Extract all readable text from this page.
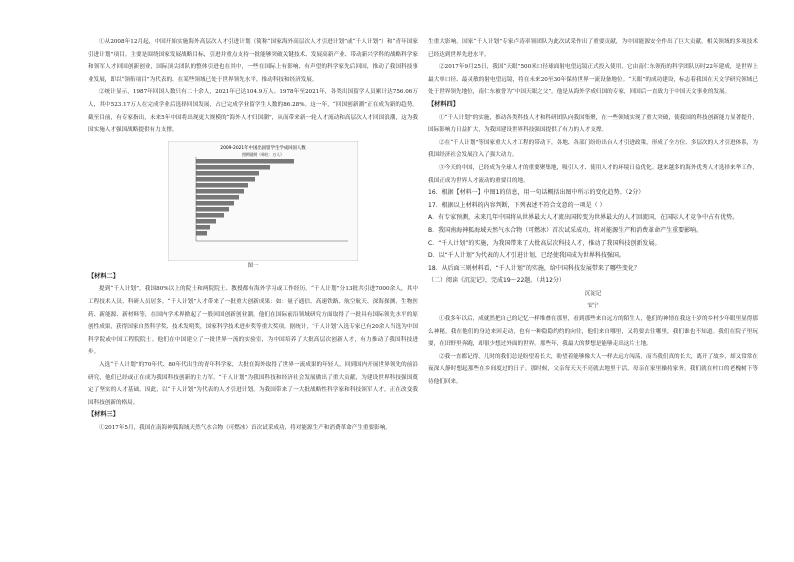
①从2008年12月起，中国开始实施海外高层次人才引进计划（简称“国家海外高层次人才引进计划”或“千人计划”）和“青年国家引进计划”项目。主要是围绕国家发展战略目标，引进并重点支持一批能够突破关键技术、发展高新产业、带动新兴学科的战略科学家和领军人才回国创新创业，国际顶尖团队的整体引进也在其中，一些在国际上有影响、有声望的科学家先后回国，推动了我国科技事业发展，即以“领衔项目”为代表的，在某些领域已处于世界领先水平，推动科技和经济发展。

②统计显示，1987年回国人数只有二十余人，2021年已达104.9万人。1978年至2021年，各类出国留学人员累计达756.06万人，其中523.17万人在完成学业后选择回国发展，占已完成学业留学生人数的86.28%。这一年，“回国创新潮”正在成为新的趋势。截至目前，有专家指出，未来5年中国将出现更大规模的“海外人才归国潮”，从而带来新一轮人才流动和高层次人才回国浪潮，这为我国实施人才强国战略提供有力支撑。

2009-2021年中国出国留学生学成回国人数
图例说明（单位：万人）

图一

【材料二】

提到“千人计划”，我国80%以上的院士和两院院士、教授都有海外学习或工作经历。“千人计划”分13批共引进7000余人，其中工程技术人员、科研人员居多。“千人计划”人才带来了一批重大创新成果：如：量子通信、高速铁路、航空航天、深海探测、生物医药、新能源、新材料等，在国内学术界掀起了一股回国创新创业潮。他们在国际前沿领域研究方面取得了一批具有国际领先水平的原创性成果，获得国家自然科学奖、技术发明奖，国家科学技术进步奖等重大奖项。据统计，‘千人计划’入选专家已有20余人当选为中国科学院或中国工程院院士。他们在中国建立了一批世界一流的实验室，为中国培养了大批高层次创新人才，有力推动了我国科技进步。

入选“千人计划”的70年代、80年代出生的青年科学家，大批在海外取得了世界一流成果的年轻人，回到国内开展世界领先的前沿研究，他们已经或正在成为我国科技创新的主力军。“千人计划”为我国科技和经济社会发展做出了重大贡献，为建设世界科技强国奠定了坚实的人才基础。因此，以“千人计划”为代表的人才引进计划，为我国带来了一大批战略性科学家和科技领军人才，正在改变我国科技创新的格局。

【材料三】

①2017年5月，我国在南海神狐海域天然气水合物（可燃冰）首次试采成功，将对能源生产和消费革命产生重要影响。

生重大影响。国家“千人计划”专家卢涛率领团队为此次试采作出了重要贡献，为中国能源安全作出了巨大贡献。相关领域的多项技术已经达到世界先进水平。

②2017年9月25日，我国“天眼”500米口径球面射电望远镜正式投入使用，它由南仁东领衔的科学团队历时22年建成，是世界上最大单口径、最灵敏的射电望远镜，将在未来20至30年保持世界一流设备地位。“天眼”的成功建设，标志着我国在天文学研究领域已处于世界领先地位，南仁东被誉为“中国天眼之父”。他是从海外学成归国的专家，回国后一直致力于中国天文事业的发展。

【材料四】

①“千人计划”的实施，推动各类科技人才和科研团队向我国集聚，在一些领域实现了重大突破，使我国的科技创新能力显著提升，国际影响力日益扩大，为我国建设世界科技强国提供了有力的人才支撑。

②在“千人计划”等国家重大人才工程的带动下，各地、各部门纷纷出台人才引进政策，形成了全方位、多层次的人才引进体系，为我国经济社会发展注入了强大动力。

③今天的中国，已经成为全球人才的重要聚集地，吸引人才、使用人才的环境日益优化。越来越多的海外优秀人才选择来华工作，我国正成为世界人才流动的重要目的地。

16．根据【材料一】中图1的信息，用一句话概括出图中所示的变化趋势。（2分）

17．根据以上材料的内容判断，下列表述不符合文意的一项是（ ）

A．有专家预测，未来几年中国将从世界最大人才流出国转变为世界最大的人才回流国，在国际人才竞争中占有优势。

B．我国南海神狐海域天然气水合物（可燃冰）首次试采成功，将对能源生产和消费革命产生重要影响。

C．“千人计划”的实施，为我国带来了大批高层次科技人才，推动了我国科技创新发展。

D．以“千人计划”为代表的人才引进计划，已经使我国成为世界科技强国。

18．从后面三则材料看，“千人计划”的实施，给中国科技发展带来了哪些变化？

（二）阅读《沉淀记》，完成19～22题。（共12分）

沉淀记

安宁

①我多年以后，成就然把自己的记忆一样堆叠在那里，看到那些来自远方的陌生人，他们的神情在我这十岁的乡村少年眼里显得那么神秘，我在他们的身边来回走动，也有一种隐隐约约的向往，他们来自哪里，又将要去往哪里，我们谁也不知道。我们在院子里玩耍，在田野里奔跑，却很少想过外面的世界。那些年，我最大的梦想是能够走出这片土地。

②我一直都记得，儿时的我们总是盼望着长大，盼望着能够像大人一样去远方闯荡，而当我们真的长大，离开了故乡，却又常常在夜深人静时想起那些在乡间度过的日子。那时候，父亲每天天不亮就去地里干活，母亲在家里操持家务，我们就在村口的老槐树下等待他们回来。
